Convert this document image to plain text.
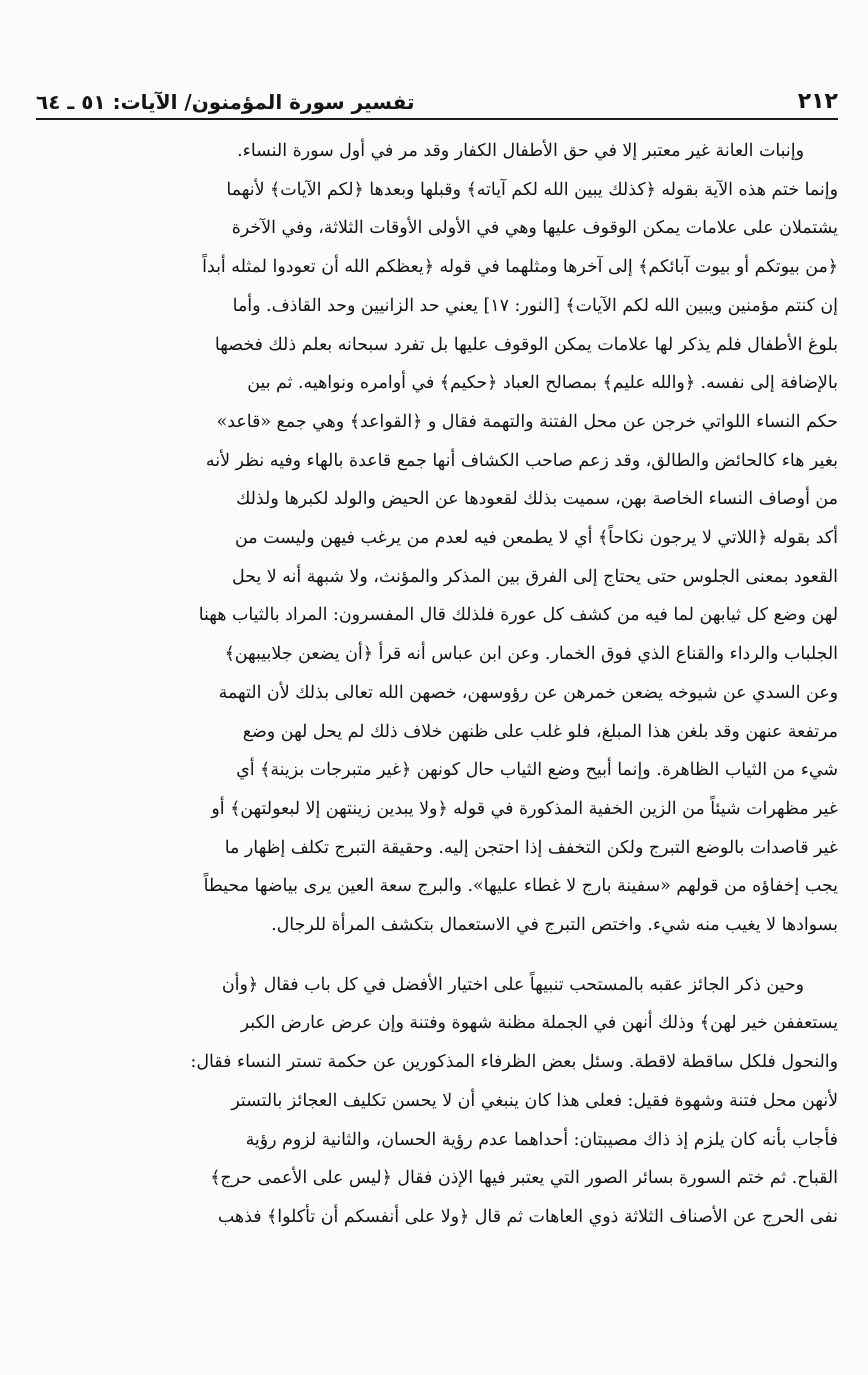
٢١٢
تفسير سورة المؤمنون/ الآيات: ٥١ ـ ٦٤

وإنبات العانة غير معتبر إلا في حق الأطفال الكفار وقد مر في أول سورة النساء.
وإنما ختم هذه الآية بقوله ﴿كذلك يبين الله لكم آياته﴾ وقبلها وبعدها ﴿لكم الآيات﴾ لأنهما
يشتملان على علامات يمكن الوقوف عليها وهي في الأولى الأوقات الثلاثة، وفي الآخرة
﴿من بيوتكم أو بيوت آبائكم﴾ إلى آخرها ومثلهما في قوله ﴿يعظكم الله أن تعودوا لمثله أبداً
إن كنتم مؤمنين ويبين الله لكم الآيات﴾ [النور: ١٧] يعني حد الزانيين وحد القاذف. وأما
بلوغ الأطفال فلم يذكر لها علامات يمكن الوقوف عليها بل تفرد سبحانه بعلم ذلك فخصها
بالإضافة إلى نفسه. ﴿والله عليم﴾ بمصالح العباد ﴿حكيم﴾ في أوامره ونواهيه. ثم بين
حكم النساء اللواتي خرجن عن محل الفتنة والتهمة فقال و ﴿القواعد﴾ وهي جمع «قاعد»
بغير هاء كالحائض والطالق، وقد زعم صاحب الكشاف أنها جمع قاعدة بالهاء وفيه نظر لأنه
من أوصاف النساء الخاصة بهن، سميت بذلك لقعودها عن الحيض والولد لكبرها ولذلك
أكد بقوله ﴿اللاتي لا يرجون نكاحاً﴾ أي لا يطمعن فيه لعدم من يرغب فيهن وليست من
القعود بمعنى الجلوس حتى يحتاج إلى الفرق بين المذكر والمؤنث، ولا شبهة أنه لا يحل
لهن وضع كل ثيابهن لما فيه من كشف كل عورة فلذلك قال المفسرون: المراد بالثياب ههنا
الجلباب والرداء والقناع الذي فوق الخمار. وعن ابن عباس أنه قرأ ﴿أن يضعن جلابيبهن﴾
وعن السدي عن شيوخه يضعن خمرهن عن رؤوسهن، خصهن الله تعالى بذلك لأن التهمة
مرتفعة عنهن وقد بلغن هذا المبلغ، فلو غلب على ظنهن خلاف ذلك لم يحل لهن وضع
شيء من الثياب الظاهرة. وإنما أبيح وضع الثياب حال كونهن ﴿غير متبرجات بزينة﴾ أي
غير مظهرات شيئاً من الزين الخفية المذكورة في قوله ﴿ولا يبدين زينتهن إلا لبعولتهن﴾ أو
غير قاصدات بالوضع التبرج ولكن التخفف إذا احتجن إليه. وحقيقة التبرج تكلف إظهار ما
يجب إخفاؤه من قولهم «سفينة بارج لا غطاء عليها». والبرج سعة العين يرى بياضها محيطاً
بسوادها لا يغيب منه شيء. واختص التبرج في الاستعمال بتكشف المرأة للرجال.

وحين ذكر الجائز عقبه بالمستحب تنبيهاً على اختيار الأفضل في كل باب فقال ﴿وأن
يستعففن خير لهن﴾ وذلك أنهن في الجملة مظنة شهوة وفتنة وإن عرض عارض الكبر
والنحول فلكل ساقطة لاقطة. وسئل بعض الظرفاء المذكورين عن حكمة تستر النساء فقال:
لأنهن محل فتنة وشهوة فقيل: فعلى هذا كان ينبغي أن لا يحسن تكليف العجائز بالتستر
فأجاب بأنه كان يلزم إذ ذاك مصيبتان: أحداهما عدم رؤية الحسان، والثانية لزوم رؤية
القباح. ثم ختم السورة بسائر الصور التي يعتبر فيها الإذن فقال ﴿ليس على الأعمى حرج﴾
نفى الحرج عن الأصناف الثلاثة ذوي العاهات ثم قال ﴿ولا على أنفسكم أن تأكلوا﴾ فذهب
